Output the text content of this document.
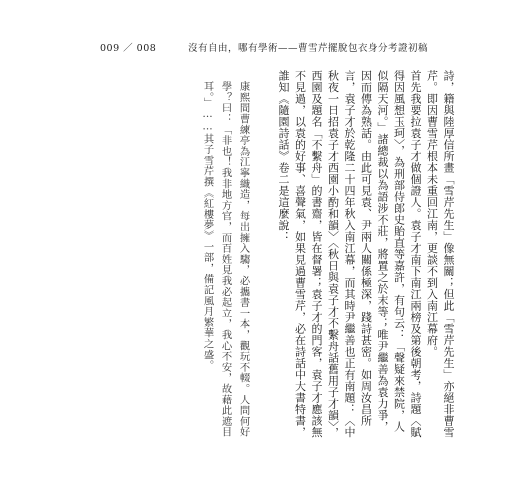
009 ／ 008	沒有自由，哪有學術——曹雪芹擺脫包衣身分考證初稿

詩，籍與陸厚信所畫「雪芹先生」像無關；但此「雪芹先生」亦絕非曹雪芹。即因曹雪芹根本未重回江南，更談不到入南江幕府。

首先我要拉袁子才做個證人。袁子才南下南江兩榜及第後朝考，詩題〈賦得因風想玉珂〉，為刑部侍郎史貽直等嘉許，有句云：「聲疑來禁院，人似隔天河。」諸總裁以為語涉不莊，將置之於末等；唯尹繼善為袁力爭，因而傳為熟話。由此可見袁、尹兩人關係極深，踐詩甚密。如周汝昌所言，袁子才於乾隆二十四年秋入南江幕，而其時尹繼善也正有南題：〈中秋夜一日招袁子才西園小酌和韻〉〈秋日與袁子才不繫舟話舊用子才韻〉，西園及題名「不繫舟」的書齋，皆在督署；袁子才的門客，袁子才應該無不見過，以袁的好事、喜聲氣，如果見過曹雪芹，必在詩話中大書特書，誰知《隨園詩話》卷二是這麼說：

康熙間曹練亭為江寧織造，每出擁入騶，必攜書一本，觀玩不輟。人問何好學？曰：「非也！我非地方官，而百姓見我必起立，我心不安，故藉此遮目耳。」……其子雪芹撰《紅樓夢》一部，備記風月繁華之盛。
